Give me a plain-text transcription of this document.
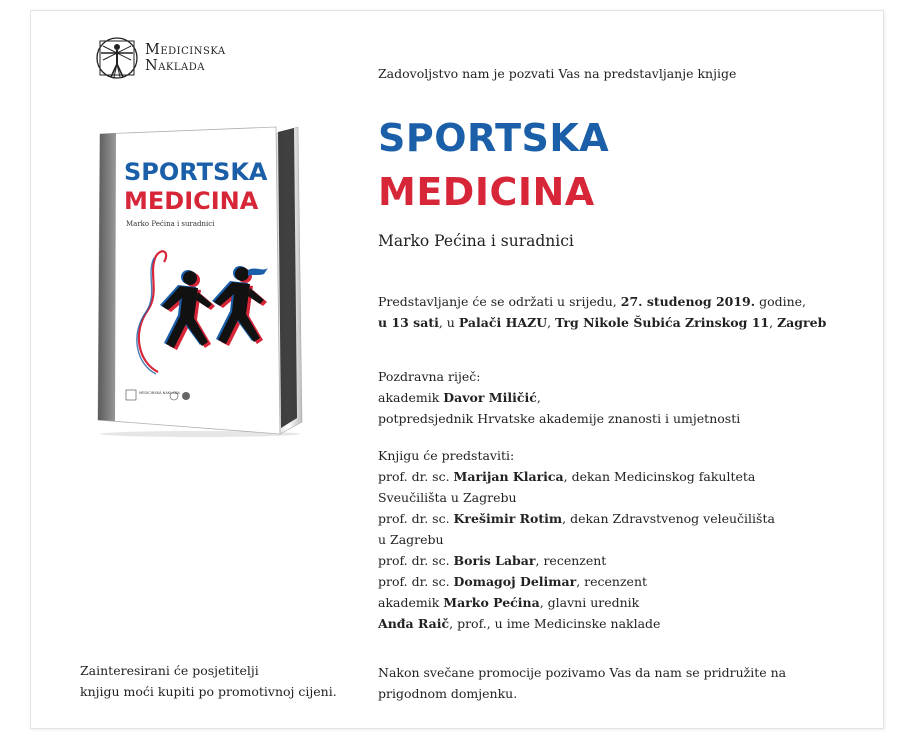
Medicinska
Naklada
SPORTSKA
MEDICINA
Marko Pećina i suradnici
MEDICINSKA NAKLADA
Zadovoljstvo nam je pozvati Vas na predstavljanje knjige
SPORTSKA
MEDICINA
Marko Pećina i suradnici
Predstavljanje će se održati u srijedu, 27. studenog 2019. godine,
u 13 sati, u Palači HAZU, Trg Nikole Šubića Zrinskog 11, Zagreb
Pozdravna riječ:
akademik Davor Miličić,
potpredsjednik Hrvatske akademije znanosti i umjetnosti
Knjigu će predstaviti:
prof. dr. sc. Marijan Klarica, dekan Medicinskog fakulteta
Sveučilišta u Zagrebu
prof. dr. sc. Krešimir Rotim, dekan Zdravstvenog veleučilišta
u Zagrebu
prof. dr. sc. Boris Labar, recenzent
prof. dr. sc. Domagoj Delimar, recenzent
akademik Marko Pećina, glavni urednik
Anđa Raič, prof., u ime Medicinske naklade
Nakon svečane promocije pozivamo Vas da nam se pridružite na
prigodnom domjenku.
Zainteresirani će posjetitelji
knjigu moći kupiti po promotivnoj cijeni.
